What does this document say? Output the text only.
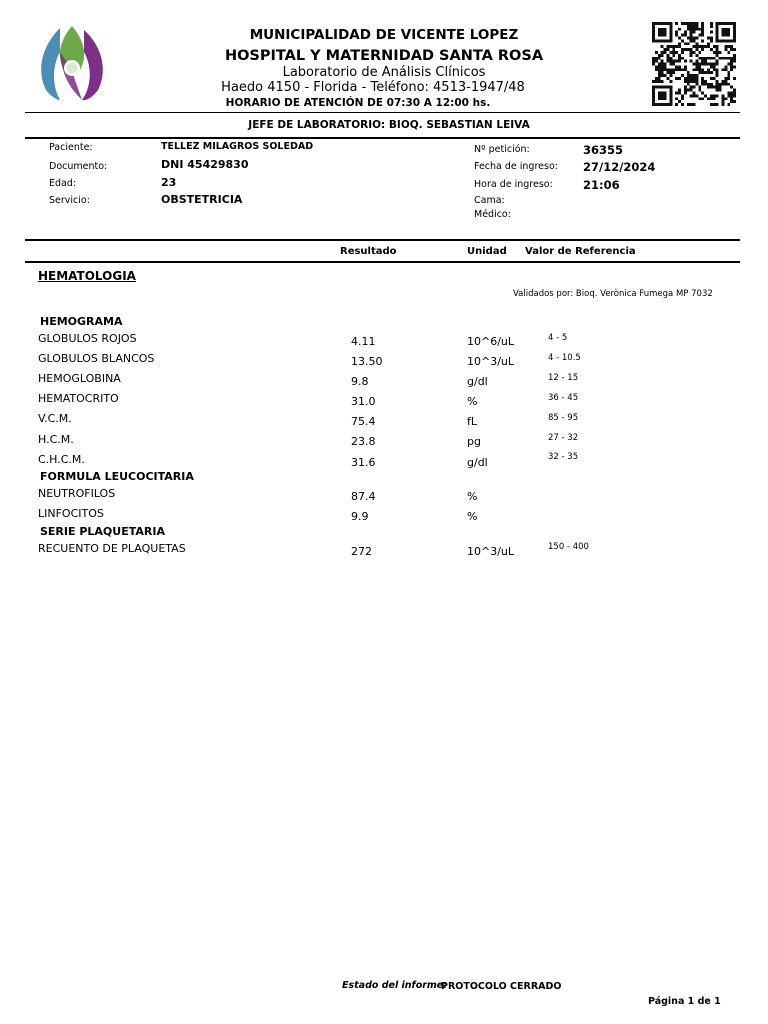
MUNICIPALIDAD DE VICENTE LOPEZ
HOSPITAL Y MATERNIDAD SANTA ROSA
Laboratorio de Análisis Clínicos
Haedo 4150 - Florida - Teléfono: 4513-1947/48
HORARIO DE ATENCIÓN DE 07:30 A 12:00 hs.
JEFE DE LABORATORIO: BIOQ. SEBASTIAN LEIVA
Paciente:	TELLEZ MILAGROS SOLEDAD
Documento:	DNI 45429830
Edad:	23
Servicio:	OBSTETRICIA
Nº petición:	36355
Fecha de ingreso: 27/12/2024
Hora de ingreso:	21:06
Cama:
Médico:
Resultado	Unidad Valor de Referencia
HEMATOLOGIA
Validados por: Bioq. Verònica Fumega MP 7032
HEMOGRAMA
FORMULA LEUCOCITARIA
SERIE PLAQUETARIA
GLOBULOS ROJOS	4.11	10^6/uL	4 - 5
GLOBULOS BLANCOS	13.50	10^3/uL	4 - 10.5
HEMOGLOBINA	9.8	g/dl	12 - 15
HEMATOCRITO	31.0	%	36 - 45
V.C.M.	75.4	fL	85 - 95
H.C.M.	23.8	pg	27 - 32
C.H.C.M.	31.6	g/dl	32 - 35
NEUTROFILOS	87.4	%
LINFOCITOS	9.9	%
RECUENTO DE PLAQUETAS	272	10^3/uL	150 - 400
Estado del informe:
PROTOCOLO CERRADO
Página 1 de 1
